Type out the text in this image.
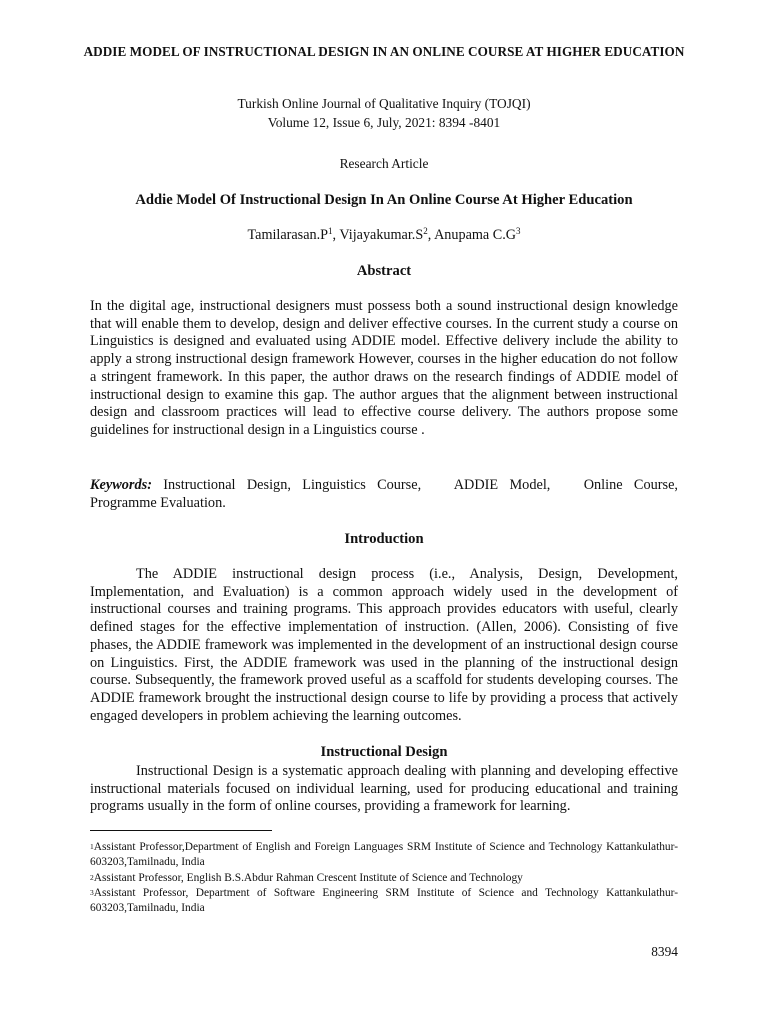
ADDIE MODEL OF INSTRUCTIONAL DESIGN IN AN ONLINE COURSE AT HIGHER EDUCATION
Turkish Online Journal of Qualitative Inquiry (TOJQI)
Volume 12, Issue 6, July, 2021: 8394 -8401
Research Article
Addie Model Of Instructional Design In An Online Course At Higher Education
$Tamilarasan.P^1$, $Vijayakumar.S^2$, Anupama $C.G^3$
Abstract

In the digital age, instructional designers must possess both a sound instructional design knowledge that will enable them to develop, design and deliver effective courses. In the current study a course on Linguistics is designed and evaluated using ADDIE model. Effective delivery include the ability to apply a strong instructional design framework However, courses in the higher education do not follow a stringent framework. In this paper, the author draws on the research findings of ADDIE model of instructional design to examine this gap. The author argues that the alignment between instructional design and classroom practices will lead to effective course delivery. The authors propose some guidelines for instructional design in a Linguistics course .

Keywords: Instructional Design, Linguistics Course, ADDIE Model, Online Course, Programme Evaluation.

Introduction

The ADDIE instructional design process (i.e., Analysis, Design, Development, Implementation, and Evaluation) is a common approach widely used in the development of instructional courses and training programs. This approach provides educators with useful, clearly defined stages for the effective implementation of instruction. (Allen, 2006). Consisting of five phases, the ADDIE framework was implemented in the development of an instructional design course on Linguistics. First, the ADDIE framework was used in the planning of the instructional design course. Subsequently, the framework proved useful as a scaffold for students developing courses. The ADDIE framework brought the instructional design course to life by providing a process that actively engaged developers in problem achieving the learning outcomes.

Instructional Design

Instructional Design is a systematic approach dealing with planning and developing effective instructional materials focused on individual learning, used for producing educational and training programs usually in the form of online courses, providing a framework for learning.

$^1$Assistant Professor,Department of English and Foreign Languages SRM Institute of Science and Technology Kattankulathur-603203,Tamilnadu, India

$^2$Assistant Professor, English B.S.Abdur Rahman Crescent Institute of Science and Technology

$^3$Assistant Professor, Department of Software Engineering SRM Institute of Science and Technology Kattankulathur-603203,Tamilnadu, India

8394
